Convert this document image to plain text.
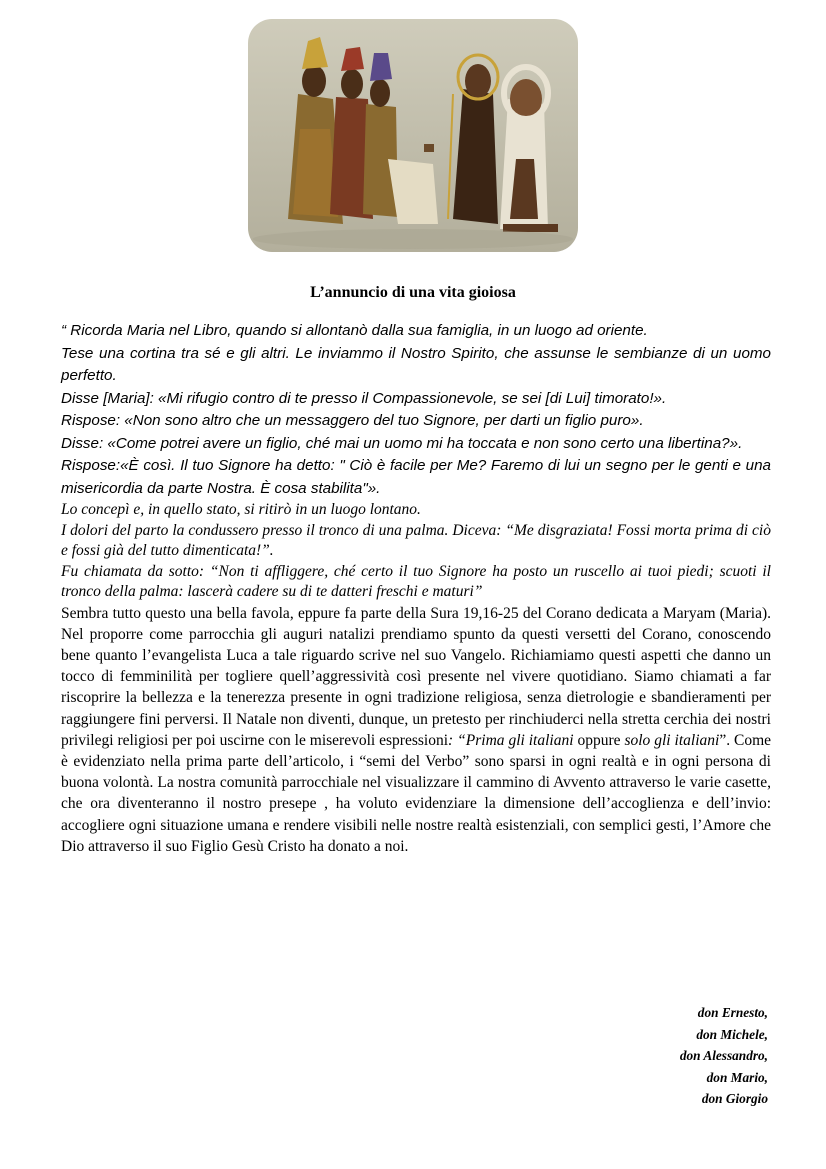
L’annuncio di una vita gioiosa
“ Ricorda Maria nel Libro, quando si allontanò dalla sua famiglia, in un luogo ad oriente.
Tese una cortina tra sé e gli altri. Le inviammo il Nostro Spirito, che assunse le sembianze di un uomo perfetto.
Disse [Maria]: «Mi rifugio contro di te presso il Compassionevole, se sei [di Lui] timorato!».
Rispose: «Non sono altro che un messaggero del tuo Signore, per darti un figlio puro».
Disse: «Come potrei avere un figlio, ché mai un uomo mi ha toccata e non sono certo una libertina?».
Rispose:«È così. Il tuo Signore ha detto: " Ciò è facile per Me? Faremo di lui un segno per le genti e una misericordia da parte Nostra. È cosa stabilita"».
Lo concepì e, in quello stato, si ritirò in un luogo lontano.
I dolori del parto la condussero presso il tronco di una palma. Diceva: “Me disgraziata! Fossi morta prima di ciò e fossi già del tutto dimenticata!”.
Fu chiamata da sotto: “Non ti affliggere, ché certo il tuo Signore ha posto un ruscello ai tuoi piedi; scuoti il tronco della palma: lascerà cadere su di te datteri freschi e maturi”
Sembra tutto questo una bella favola, eppure fa parte della Sura 19,16-25 del Corano dedicata a Maryam (Maria). Nel proporre come parrocchia gli auguri natalizi prendiamo spunto da questi versetti del Corano, conoscendo bene quanto l’evangelista Luca a tale riguardo scrive nel suo Vangelo. Richiamiamo questi aspetti che danno un tocco di femminilità per togliere quell’aggressività così presente nel vivere quotidiano. Siamo chiamati a far riscoprire la bellezza e la tenerezza presente in ogni tradizione religiosa, senza dietrologie e sbandieramenti per raggiungere fini perversi. Il Natale non diventi, dunque, un pretesto per rinchiuderci nella stretta cerchia dei nostri privilegi religiosi per poi uscirne con le miserevoli espressioni: “Prima gli italiani oppure solo gli italiani”. Come è evidenziato nella prima parte dell’articolo, i “semi del Verbo” sono sparsi in ogni realtà e in ogni persona di buona volontà. La nostra comunità parrocchiale nel visualizzare il cammino di Avvento attraverso le varie casette, che ora diventeranno il nostro presepe , ha voluto evidenziare la dimensione dell’accoglienza e dell’invio: accogliere ogni situazione umana e rendere visibili nelle nostre realtà esistenziali, con semplici gesti, l’Amore che Dio attraverso il suo Figlio Gesù Cristo ha donato a noi.
don Ernesto,
don Michele,
don Alessandro,
don Mario,
don Giorgio
